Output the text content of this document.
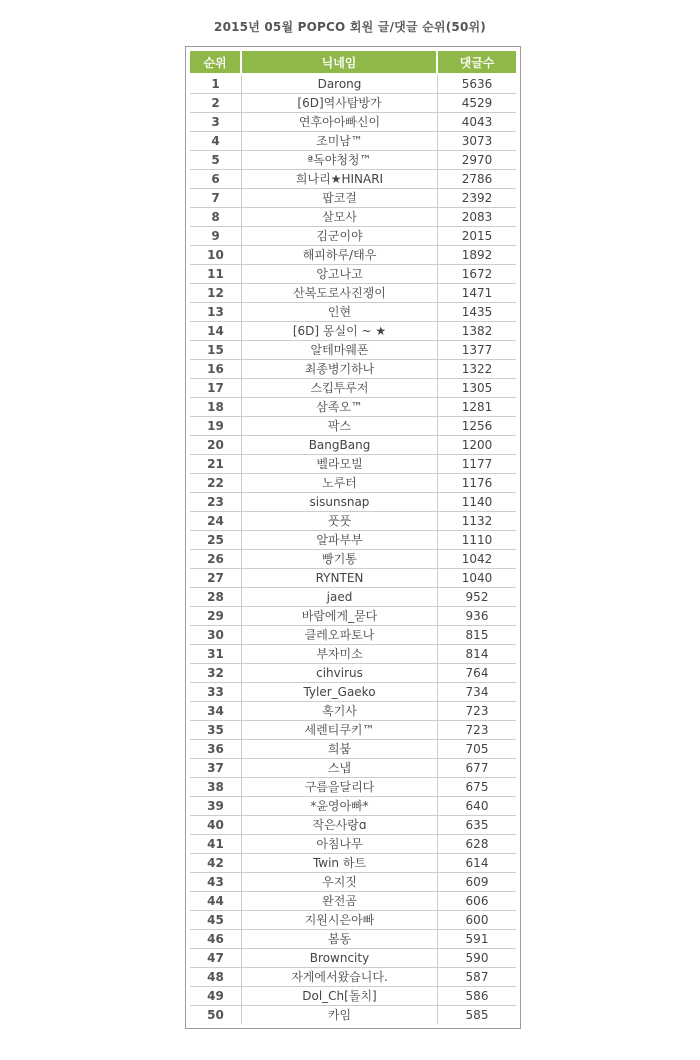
2015년 05월 POPCO 회원 글/댓글 순위(50위)
순위	닉네임	댓글수
1	Darong	5636
2	[6D]역사탐방가	4529
3	연후아아빠신이	4043
4	조미남™	3073
5	ª독야청청™	2970
6	희나리★HINARI	2786
7	팝코걸	2392
8	살모사	2083
9	김군이야	2015
10	해피하루/태우	1892
11	앙고나고	1672
12	산복도로사진쟁이	1471
13	인현	1435
14	[6D] 몽실이 ~ ★	1382
15	알테마웨폰	1377
16	최종병기하나	1322
17	스킵투루저	1305
18	삼족오™	1281
19	팍스	1256
20	BangBang	1200
21	벨라모빌	1177
22	노루터	1176
23	sisunsnap	1140
24	풋풋	1132
25	알파부부	1110
26	빵기통	1042
27	RYNTEN	1040
28	jaed	952
29	바람에게_묻다	936
30	클레오파토나	815
31	부자미소	814
32	cihvirus	764
33	Tyler_Gaeko	734
34	혹기사	723
35	세렌티쿠키™	723
36	희붐	705
37	스냅	677
38	구름을달리다	675
39	*윤영아빠*	640
40	작은사랑ɑ	635
41	아침나무	628
42	Twin 하트	614
43	우지짓	609
44	완전곰	606
45	지원시은아빠	600
46	봄동	591
47	Browncity	590
48	자게에서왔습니다.	587
49	Dol_Ch[돌치]	586
50	카임	585
